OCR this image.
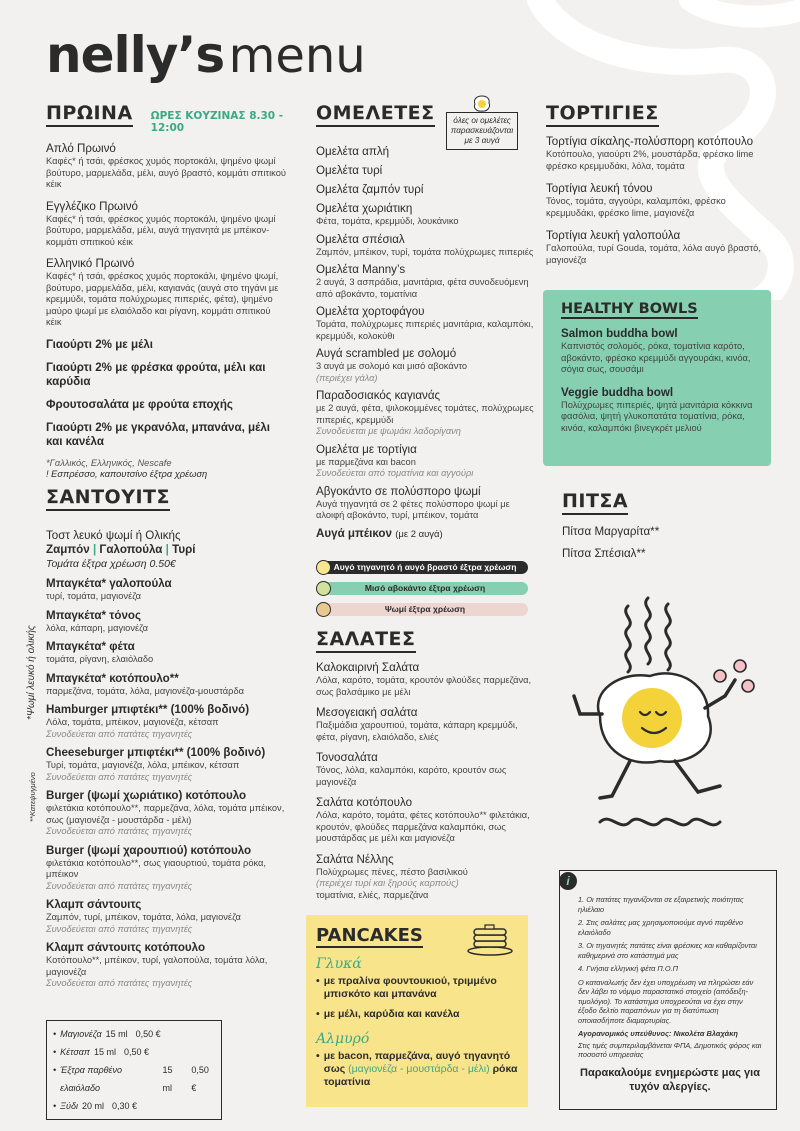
nelly’s menu
ΠΡΩΙΝΑ ΩΡΕΣ ΚΟΥΖΙΝΑΣ 8.30 - 12:00
Απλό Πρωινό
Καφές* ή τσάι, φρέσκος χυμός πορτοκάλι, ψημένο ψωμί βούτυρο, μαρμελάδα, μέλι, αυγό βραστό, κομμάτι σπιτικού κέικ
Εγγλέζικο Πρωινό
Καφές* ή τσάι, φρέσκος χυμός πορτοκάλι, ψημένο ψωμί βούτυρο, μαρμελάδα, μέλι, αυγά τηγανητά με μπέικον-κομμάτι σπιτικού κέικ
Ελληνικό Πρωινό
Καφές* ή τσάι, φρέσκος χυμός πορτοκάλι, ψημένο ψωμί, βούτυρο, μαρμελάδα, μέλι, καγιανάς (αυγά στο τηγάνι με κρεμμύδι, τομάτα πολύχρωμες πιπεριές, φέτα), ψημένο μαύρο ψωμί με ελαιόλαδο και ρίγανη, κομμάτι σπιτικού κέικ
Γιαούρτι 2% με μέλι
Γιαούρτι 2% με φρέσκα φρούτα, μέλι και καρύδια
Φρουτοσαλάτα με φρούτα εποχής
Γιαούρτι 2% με γκρανόλα, μπανάνα, μέλι και κανέλα
*Γαλλικός, Ελληνικός, Nescafe
! Εσπρέσσο, καπουτσίνο έξτρα χρέωση
ΣΑΝΤΟΥΙΤΣ
Τοστ λευκό ψωμί ή Ολικής
Ζαμπόν | Γαλοπούλα | Τυρί
Τομάτα έξτρα χρέωση 0.50€
Μπαγκέτα* γαλοπούλα
τυρί, τομάτα, μαγιονέζα
Μπαγκέτα* τόνος
λόλα, κάπαρη, μαγιονέζα
Μπαγκέτα* φέτα
τομάτα, ρίγανη, ελαιόλαδο
Μπαγκέτα* κοτόπουλο**
παρμεζάνα, τομάτα, λόλα, μαγιονέζα-μουστάρδα
Hamburger μπιφτέκι** (100% βοδινό)
Λόλα, τομάτα, μπέικον, μαγιονέζα, κέτσαπ
Συνοδεύεται από πατάτες τηγανητές
Cheeseburger μπιφτέκι** (100% βοδινό)
Τυρί, τομάτα, μαγιονέζα, λόλα, μπέικον, κέτσαπ
Συνοδεύεται από πατάτες τηγανητές
Burger (ψωμί χωριάτικο) κοτόπουλο
φιλετάκια κοτόπουλο**, παρμεζάνα, λόλα, τομάτα μπέικον, σως (μαγιονέζα - μουστάρδα - μέλι)
Συνοδεύεται από πατάτες τηγανητές
Burger (ψωμί χαρουπιού) κοτόπουλο
φιλετάκια κοτόπουλο**, σως γιαουρτιού, τομάτα ρόκα, μπέικον
Συνοδεύεται από πατάτες τηγανητές
Κλαμπ σάντουιτς
Ζαμπόν, τυρί, μπέικον, τομάτα, λόλα, μαγιονέζα
Συνοδεύεται από πατάτες τηγανητές
Κλαμπ σάντουιτς κοτόπουλο
Κοτόπουλο**, μπέικον, τυρί, γαλοπούλα, τομάτα λόλα, μαγιονέζα
Συνοδεύεται από πατάτες τηγανητές
*Ψωμί λευκό ή ολικής
**Κατεψυγμένο
• Μαγιονέζα 15 ml 0,50 €
• Κέτσαπ 15 ml 0,50 €
• Έξτρα παρθένο ελαιόλαδο
15 ml
0,50 €
• Ξύδι 20 ml 0,30 €
ΟΜΕΛΕΤΕΣ
Ομελέτα απλή
Ομελέτα τυρί
Ομελέτα ζαμπόν τυρί
Ομελέτα χωριάτικη
Φέτα, τομάτα, κρεμμύδι, λουκάνικο
Ομελέτα σπέσιαλ
Ζαμπόν, μπέικον, τυρί, τομάτα πολύχρωμες πιπεριές
Ομελέτα Manny’s
2 αυγά, 3 ασπράδια, μανιτάρια, φέτα συνοδευόμενη από αβοκάντο, τοματίνια
Ομελέτα χορτοφάγου
Τομάτα, πολύχρωμες πιπεριές μανιτάρια, καλαμπόκι, κρεμμύδι, κολοκύθι
Αυγά scrambled με σολομό
3 αυγά με σολομό και μισό αβοκάντο
(περιέχει γάλα)
Παραδοσιακός καγιανάς
με 2 αυγά, φέτα, ψιλοκομμένες τομάτες, πολύχρωμες πιπεριές, κρεμμύδι
Συνοδεύεται με ψωμάκι λαδορίγανη
Ομελέτα με τορτίγια
με παρμεζάνα και bacon
Συνοδεύεται από τοματίνια και αγγούρι
Αβγοκάντο σε πολύσπορο ψωμί
Αυγά τηγανητά σε 2 φέτες πολύσπορο ψωμί με αλοιφή αβοκάντο, τυρί, μπέικον, τομάτα
Αυγά μπέικον (με 2 αυγά)
όλες οι ομελέτες παρασκευάζονται με 3 αυγά
Αυγό τηγανητό ή αυγό βραστό έξτρα χρέωση
Μισό αβοκάντο έξτρα χρέωση
Ψωμί έξτρα χρέωση
ΣΑΛΑΤΕΣ
Καλοκαιρινή Σαλάτα
Λόλα, καρότο, τομάτα, κρουτόν φλούδες παρμεζάνα, σως βαλσάμικο με μέλι
Μεσογειακή σαλάτα
Παξιμάδια χαρουπιού, τομάτα, κάπαρη κρεμμύδι, φέτα, ρίγανη, ελαιόλαδο, ελιές
Τονοσαλάτα
Τόνος, λόλα, καλαμπόκι, καρότο, κρουτόν σως μαγιονέζα
Σαλάτα κοτόπουλο
Λόλα, καρότο, τομάτα, φέτες κοτόπουλο** φιλετάκια, κρουτόν, φλούδες παρμεζάνα καλαμπόκι, σως μουστάρδας με μέλι και μαγιονέζα
Σαλάτα Νέλλης
Πολύχρωμες πένες, πέστο βασιλικού
(περιέχει τυρί και ξηρούς καρπούς)
τοματίνια, ελιές, παρμεζάνα
PANCAKES
Γλυκά
• με πραλίνα φουντουκιού, τριμμένο μπισκότο και μπανάνα
• με μέλι, καρύδια και κανέλα
Αλμυρό
• με bacon, παρμεζάνα, αυγό τηγανητό σως (μαγιονέζα - μουστάρδα - μέλι) ρόκα τοματίνια
ΤΟΡΤΙΓΙΕΣ
Τορτίγια σίκαλης-πολύσπορη κοτόπουλο
Κοτόπουλο, γιαούρτι 2%, μουστάρδα, φρέσκο lime φρέσκο κρεμμυδάκι, λόλα, τομάτα
Τορτίγια λευκή τόνου
Τόνος, τομάτα, αγγούρι, καλαμπόκι, φρέσκο κρεμμυδάκι, φρέσκο lime, μαγιονέζα
Τορτίγια λευκή γαλοπούλα
Γαλοπούλα, τυρί Gouda, τομάτα, λόλα αυγό βραστό, μαγιονέζα
HEALTHY BOWLS
Salmon buddha bowl
Καπνιστός σολομός, ρόκα, τοματίνια καρότο, αβοκάντο, φρέσκο κρεμμύδι αγγουράκι, κινόα, σόγια σως, σουσάμι
Veggie buddha bowl
Πολύχρωμες πιπεριές, ψητά μανιτάρια κόκκινα φασόλια, ψητή γλυκοπατάτα τοματίνια, ρόκα, κινόα, καλαμπόκι βινεγκρέτ μελιού
ΠΙΤΣΑ
Πίτσα Μαργαρίτα**
Πίτσα Σπέσιαλ**
1. Οι πατάτες τηγανίζονται σε εξαιρετικής ποιότητας ηλιέλαιο
2. Στις σαλάτες μας χρησιμοποιούμε αγνό παρθένο ελαιόλαδο
3. Οι τηγανητές πατάτες είναι φρέσκιες και καθαρίζονται καθημερινά στο κατάστημά μας
4. Γνήσια ελληνική φέτα Π.Ο.Π
Ο καταναλωτής δεν έχει υποχρέωση να πληρώσει εάν δεν λάβει το νόμιμο παραστατικό στοιχείο (απόδειξη-τιμολόγιο). Το κατάστημα υποχρεούται να έχει στην έξοδο δελτίο παραπόνων για τη διατύπωση οποιασδήποτε διαμαρτυρίας.
Αγορανομικός υπεύθυνος: Νικολέτα Βλαχάκη
Στις τιμές συμπεριλαμβάνεται ΦΠΑ, Δημοτικός φόρος και ποσοστό υπηρεσίας
Παρακαλούμε ενημερώστε μας για τυχόν αλεργίες.
i
